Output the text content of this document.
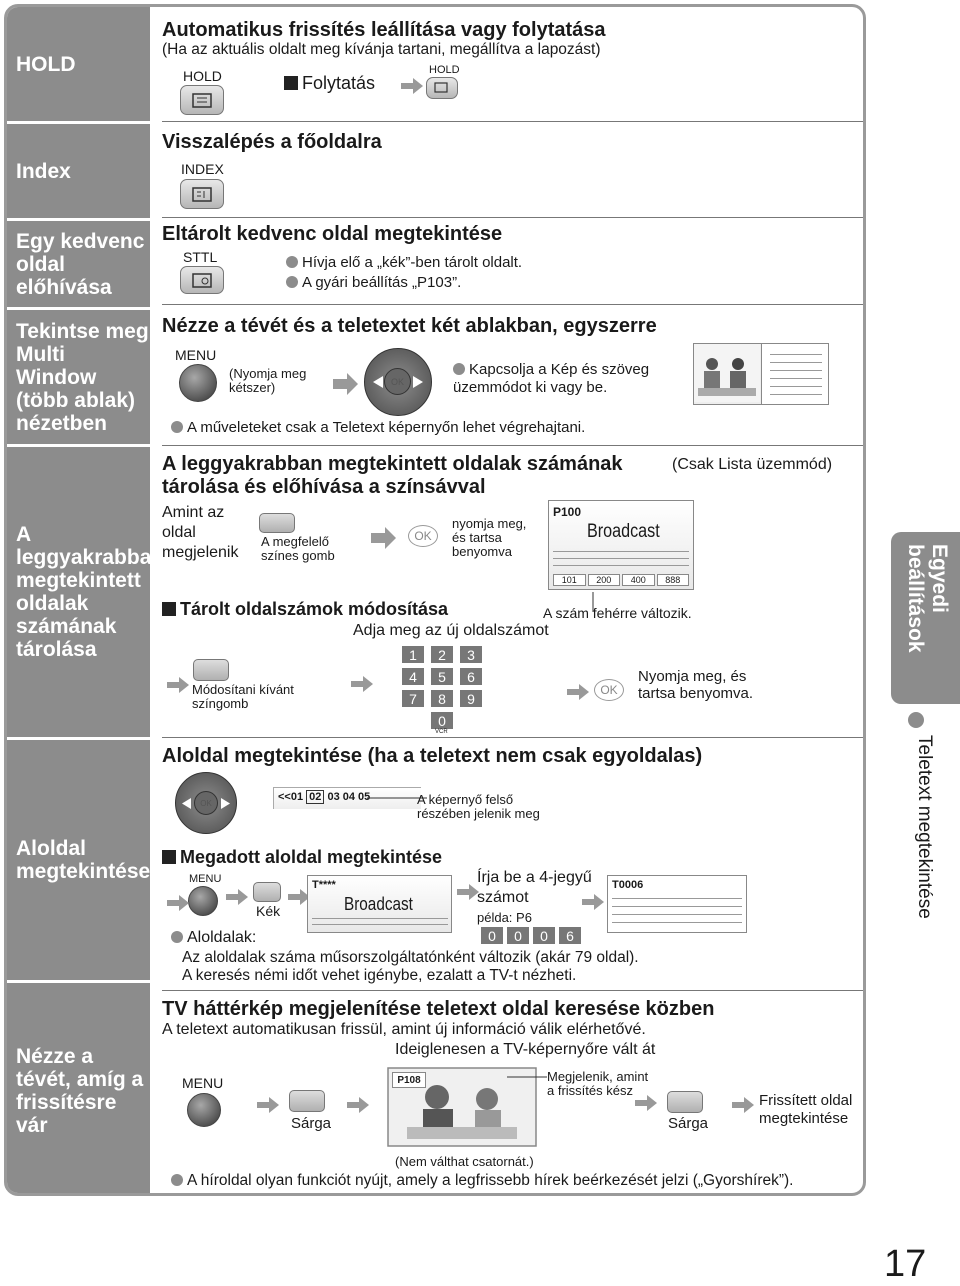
HOLD
Index
Egy kedvenc oldal előhívása
Tekintse meg Multi Window (több ablak) nézetben
A leggyakrabban megtekintett oldalak számának tárolása
Aloldal megtekintése
Nézze a tévét, amíg a frissítésre vár
Automatikus frissítés leállítása vagy folytatása
(Ha az aktuális oldalt meg kívánja tartani, megállítva a lapozást)
HOLD	Folytatás
HOLD
Visszalépés a főoldalra
INDEX
Eltárolt kedvenc oldal megtekintése
STTL	Hívja elő a „kék”-ben tárolt oldalt.
A gyári beállítás „P103”.
Nézze a tévét és a teletextet két ablakban, egyszerre
MENU
(Nyomja meg kétszer)	OK
Kapcsolja a Kép és szöveg üzemmódot ki vagy be.
A műveleteket csak a Teletext képernyőn lehet végrehajtani.
A leggyakrabban megtekintett oldalak számának
tárolása és előhívása a színsávval
(Csak Lista üzemmód)
Amint az oldal megjelenik
A megfelelő színes gomb
OK
nyomja meg, és tartsa benyomva
P100
Broadcast
101	200	400	888
Tárolt oldalszámok módosítása	A szám fehérre változik.
Adja meg az új oldalszámot
Módosítani kívánt színgomb
1	2	3
4	5	6
7	8	9
0
VCR
OK
Nyomja meg, és tartsa benyomva.
Aloldal megtekintése (ha a teletext nem csak egyoldalas)
OK	<<01 02 03 04 05	A képernyő felső részében jelenik meg
Megadott aloldal megtekintése
MENU
Kék
T****
Broadcast
Írja be a 4-jegyű számot
példa: P6
0	0	0	6
T0006
Aloldalak:
Az aloldalak száma műsorszolgáltatónként változik (akár 79 oldal).
A keresés némi időt vehet igénybe, ezalatt a TV-t nézheti.
TV háttérkép megjelenítése teletext oldal keresése közben
A teletext automatikusan frissül, amint új információ válik elérhetővé.
Ideiglenesen a TV-képernyőre vált át
MENU
Sárga
P108	Megjelenik, amint a frissítés kész
Sárga
Frissített oldal megtekintése
(Nem válthat csatornát.)
A híroldal olyan funkciót nyújt, amely a legfrissebb hírek beérkezését jelzi („Gyorshírek”).
Egyedi beállítások
Teletext megtekintése
17
